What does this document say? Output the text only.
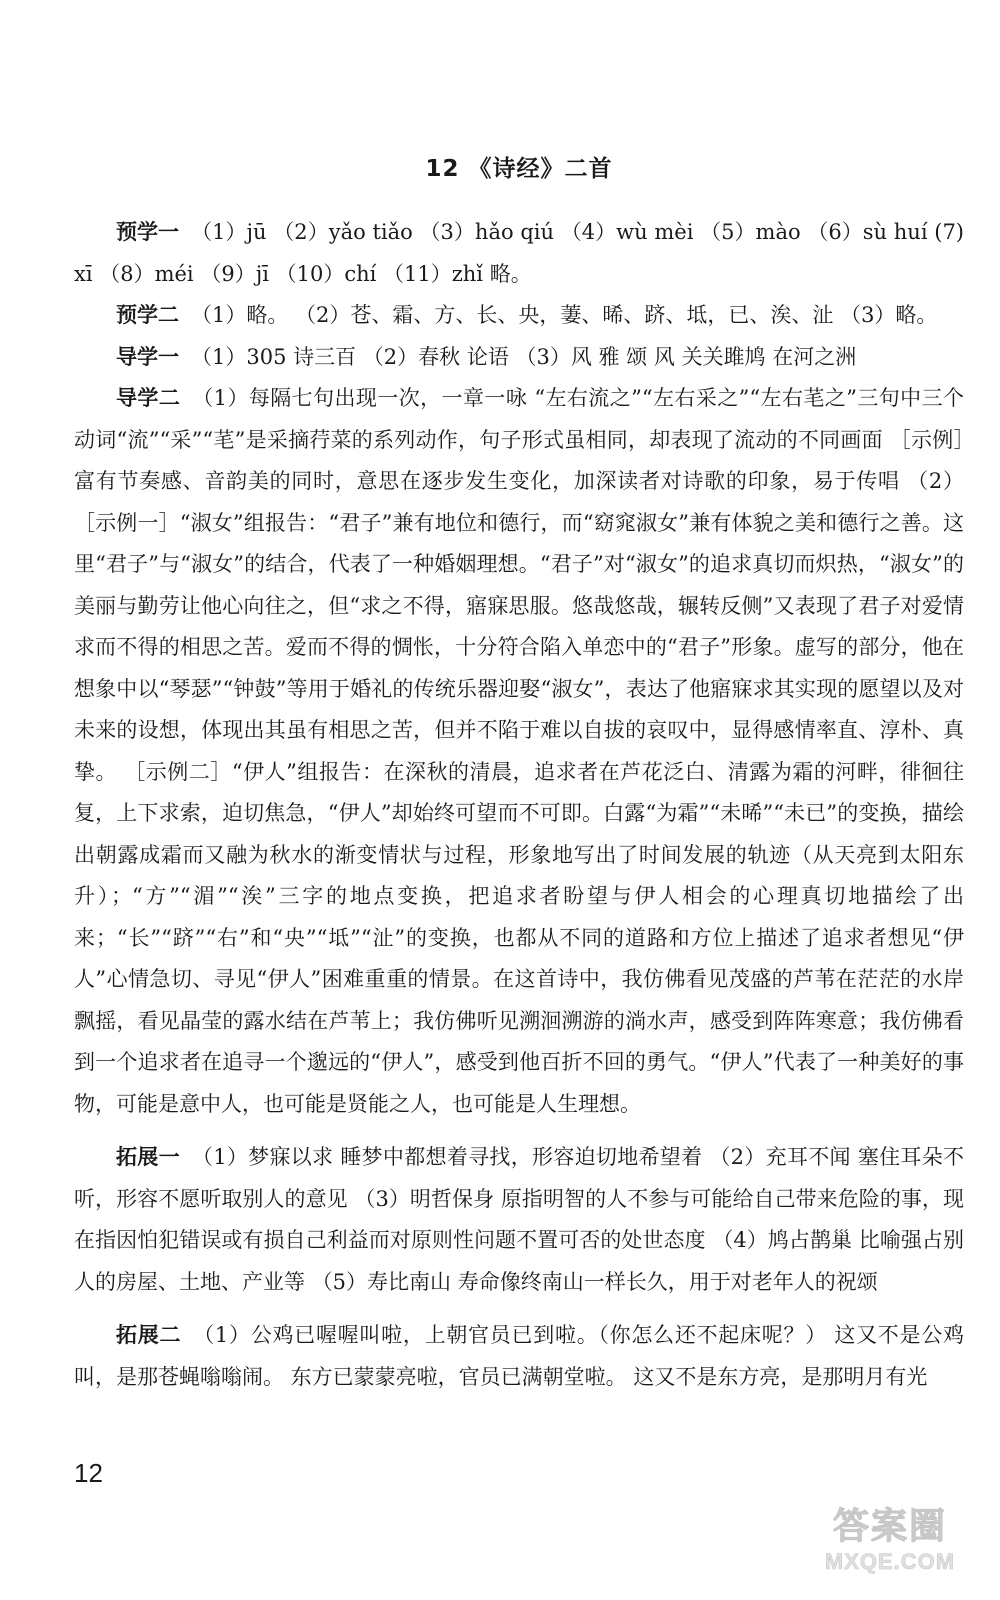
12 《诗经》二首

预学一 （1）jū （2）yǎo tiǎo （3）hǎo qiú （4）wù mèi （5）mào （6）sù huí (7) xī （8）méi （9）jī （10）chí （11）zhǐ 略。

预学二 （1）略。 （2）苍、霜、方、长、央，萋、晞、跻、坻，已、涘、沚 （3）略。

导学一 （1）305 诗三百 （2）春秋 论语 （3）风 雅 颂 风 关关雎鸠 在河之洲

导学二 （1）每隔七句出现一次，一章一咏 “左右流之”“左右采之”“左右芼之”三句中三个动词“流”“采”“芼”是采摘荇菜的系列动作，句子形式虽相同，却表现了流动的不同画面 ［示例］富有节奏感、音韵美的同时，意思在逐步发生变化，加深读者对诗歌的印象，易于传唱 （2）［示例一］“淑女”组报告：“君子”兼有地位和德行，而“窈窕淑女”兼有体貌之美和德行之善。这里“君子”与“淑女”的结合，代表了一种婚姻理想。“君子”对“淑女”的追求真切而炽热，“淑女”的美丽与勤劳让他心向往之，但“求之不得，寤寐思服。悠哉悠哉，辗转反侧”又表现了君子对爱情求而不得的相思之苦。爱而不得的惆怅，十分符合陷入单恋中的“君子”形象。虚写的部分，他在想象中以“琴瑟”“钟鼓”等用于婚礼的传统乐器迎娶“淑女”，表达了他寤寐求其实现的愿望以及对未来的设想，体现出其虽有相思之苦，但并不陷于难以自拔的哀叹中，显得感情率直、淳朴、真挚。 ［示例二］“伊人”组报告：在深秋的清晨，追求者在芦花泛白、清露为霜的河畔，徘徊往复，上下求索，迫切焦急，“伊人”却始终可望而不可即。白露“为霜”“未晞”“未已”的变换，描绘出朝露成霜而又融为秋水的渐变情状与过程，形象地写出了时间发展的轨迹（从天亮到太阳东升）；“方”“湄”“涘”三字的地点变换，把追求者盼望与伊人相会的心理真切地描绘了出来；“长”“跻”“右”和“央”“坻”“沚”的变换，也都从不同的道路和方位上描述了追求者想见“伊人”心情急切、寻见“伊人”困难重重的情景。在这首诗中，我仿佛看见茂盛的芦苇在茫茫的水岸飘摇，看见晶莹的露水结在芦苇上；我仿佛听见溯洄溯游的淌水声，感受到阵阵寒意；我仿佛看到一个追求者在追寻一个邈远的“伊人”，感受到他百折不回的勇气。“伊人”代表了一种美好的事物，可能是意中人，也可能是贤能之人，也可能是人生理想。

拓展一 （1）梦寐以求 睡梦中都想着寻找，形容迫切地希望着 （2）充耳不闻 塞住耳朵不听，形容不愿听取别人的意见 （3）明哲保身 原指明智的人不参与可能给自己带来危险的事，现在指因怕犯错误或有损自己利益而对原则性问题不置可否的处世态度 （4）鸠占鹊巢 比喻强占别人的房屋、土地、产业等 （5）寿比南山 寿命像终南山一样长久，用于对老年人的祝颂

拓展二 （1）公鸡已喔喔叫啦，上朝官员已到啦。（你怎么还不起床呢？） 这又不是公鸡叫，是那苍蝇嗡嗡闹。 东方已蒙蒙亮啦，官员已满朝堂啦。 这又不是东方亮，是那明月有光

12
答案圈
MXQE.COM
